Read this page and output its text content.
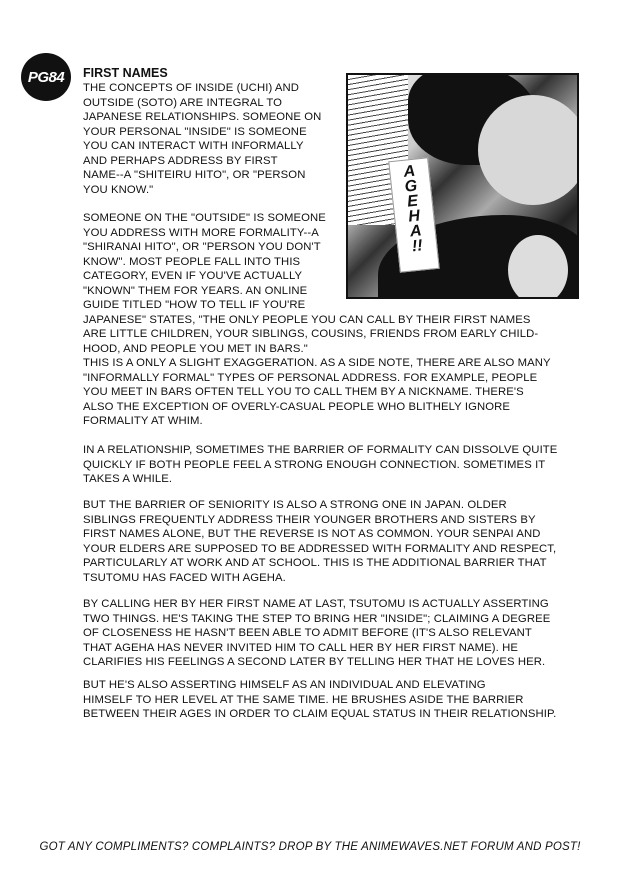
PG84	FIRST NAMES
AGEHA!!
THE CONCEPTS OF INSIDE (UCHI) AND
OUTSIDE (SOTO) ARE INTEGRAL TO
JAPANESE RELATIONSHIPS. SOMEONE ON
YOUR PERSONAL "INSIDE" IS SOMEONE
YOU CAN INTERACT WITH INFORMALLY
AND PERHAPS ADDRESS BY FIRST
NAME--A "SHITEIRU HITO", OR "PERSON
YOU KNOW."
SOMEONE ON THE "OUTSIDE" IS SOMEONE
YOU ADDRESS WITH MORE FORMALITY--A
"SHIRANAI HITO", OR "PERSON YOU DON'T
KNOW". MOST PEOPLE FALL INTO THIS
CATEGORY, EVEN IF YOU'VE ACTUALLY
"KNOWN" THEM FOR YEARS. AN ONLINE
GUIDE TITLED "HOW TO TELL IF YOU'RE
JAPANESE" STATES, "THE ONLY PEOPLE YOU CAN CALL BY THEIR FIRST NAMES
ARE LITTLE CHILDREN, YOUR SIBLINGS, COUSINS, FRIENDS FROM EARLY CHILD-
HOOD, AND PEOPLE YOU MET IN BARS."
THIS IS A ONLY A SLIGHT EXAGGERATION. AS A SIDE NOTE, THERE ARE ALSO MANY
"INFORMALLY FORMAL" TYPES OF PERSONAL ADDRESS. FOR EXAMPLE, PEOPLE
YOU MEET IN BARS OFTEN TELL YOU TO CALL THEM BY A NICKNAME. THERE'S
ALSO THE EXCEPTION OF OVERLY-CASUAL PEOPLE WHO BLITHELY IGNORE
FORMALITY AT WHIM.
IN A RELATIONSHIP, SOMETIMES THE BARRIER OF FORMALITY CAN DISSOLVE QUITE
QUICKLY IF BOTH PEOPLE FEEL A STRONG ENOUGH CONNECTION. SOMETIMES IT
TAKES A WHILE.
BUT THE BARRIER OF SENIORITY IS ALSO A STRONG ONE IN JAPAN. OLDER
SIBLINGS FREQUENTLY ADDRESS THEIR YOUNGER BROTHERS AND SISTERS BY
FIRST NAMES ALONE, BUT THE REVERSE IS NOT AS COMMON. YOUR SENPAI AND
YOUR ELDERS ARE SUPPOSED TO BE ADDRESSED WITH FORMALITY AND RESPECT,
PARTICULARLY AT WORK AND AT SCHOOL. THIS IS THE ADDITIONAL BARRIER THAT
TSUTOMU HAS FACED WITH AGEHA.
BY CALLING HER BY HER FIRST NAME AT LAST, TSUTOMU IS ACTUALLY ASSERTING
TWO THINGS. HE'S TAKING THE STEP TO BRING HER "INSIDE"; CLAIMING A DEGREE
OF CLOSENESS HE HASN'T BEEN ABLE TO ADMIT BEFORE (IT'S ALSO RELEVANT
THAT AGEHA HAS NEVER INVITED HIM TO CALL HER BY HER FIRST NAME). HE
CLARIFIES HIS FEELINGS A SECOND LATER BY TELLING HER THAT HE LOVES HER.
BUT HE'S ALSO ASSERTING HIMSELF AS AN INDIVIDUAL AND ELEVATING
HIMSELF TO HER LEVEL AT THE SAME TIME. HE BRUSHES ASIDE THE BARRIER
BETWEEN THEIR AGES IN ORDER TO CLAIM EQUAL STATUS IN THEIR RELATIONSHIP.
GOT ANY COMPLIMENTS? COMPLAINTS? DROP BY THE ANIMEWAVES.NET FORUM AND POST!
